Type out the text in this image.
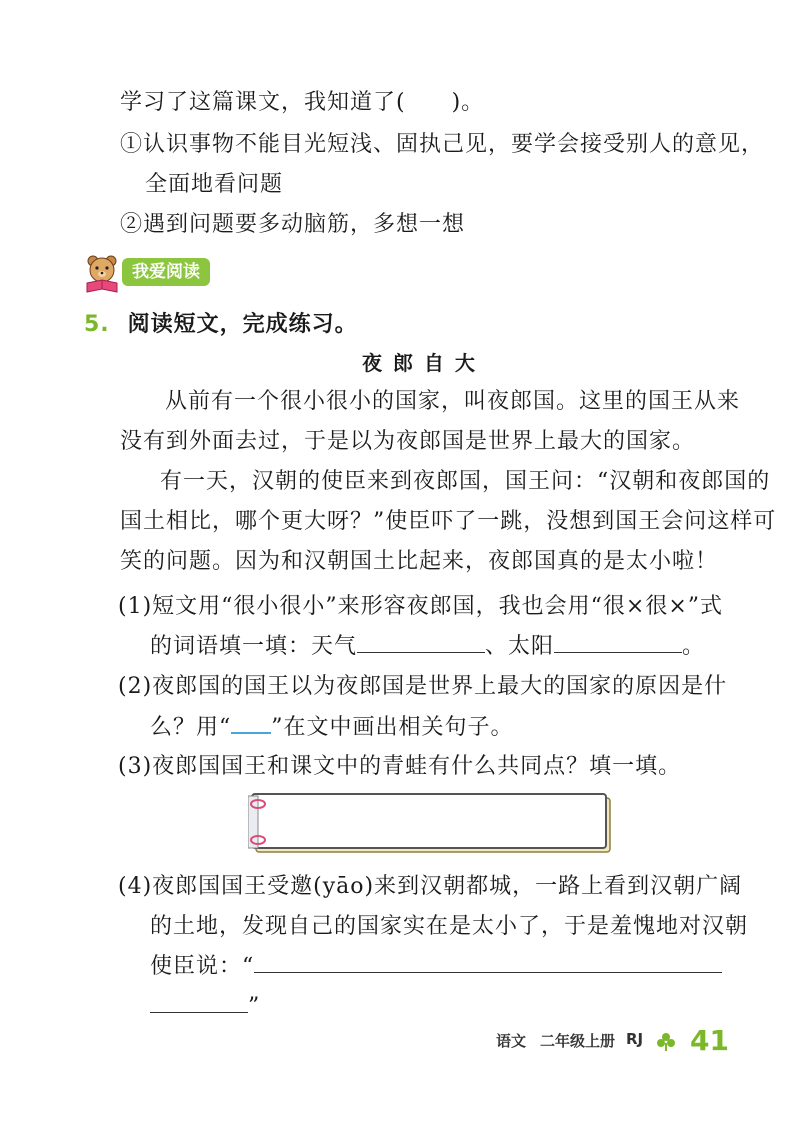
学习了这篇课文，我知道了(　　)。
①认识事物不能目光短浅、固执己见，要学会接受别人的意见，
全面地看问题
②遇到问题要多动脑筋，多想一想
我爱阅读
5. 阅读短文，完成练习。
夜 郎 自 大
从前有一个很小很小的国家，叫夜郎国。这里的国王从来
没有到外面去过，于是以为夜郎国是世界上最大的国家。
有一天，汉朝的使臣来到夜郎国，国王问：“汉朝和夜郎国的
国土相比，哪个更大呀？”使臣吓了一跳，没想到国王会问这样可
笑的问题。因为和汉朝国土比起来，夜郎国真的是太小啦！
(1)短文用“很小很小”来形容夜郎国，我也会用“很×很×”式
的词语填一填：天气	、太阳	。
(2)夜郎国的国王以为夜郎国是世界上最大的国家的原因是什
么？用“ ”在文中画出相关句子。
(3)夜郎国国王和课文中的青蛙有什么共同点？填一填。
(4)夜郎国国王受邀(yāo)来到汉朝都城，一路上看到汉朝广阔
的土地，发现自己的国家实在是太小了，于是羞愧地对汉朝
使臣说：“
”
语文 二年级上册 RJ 41
